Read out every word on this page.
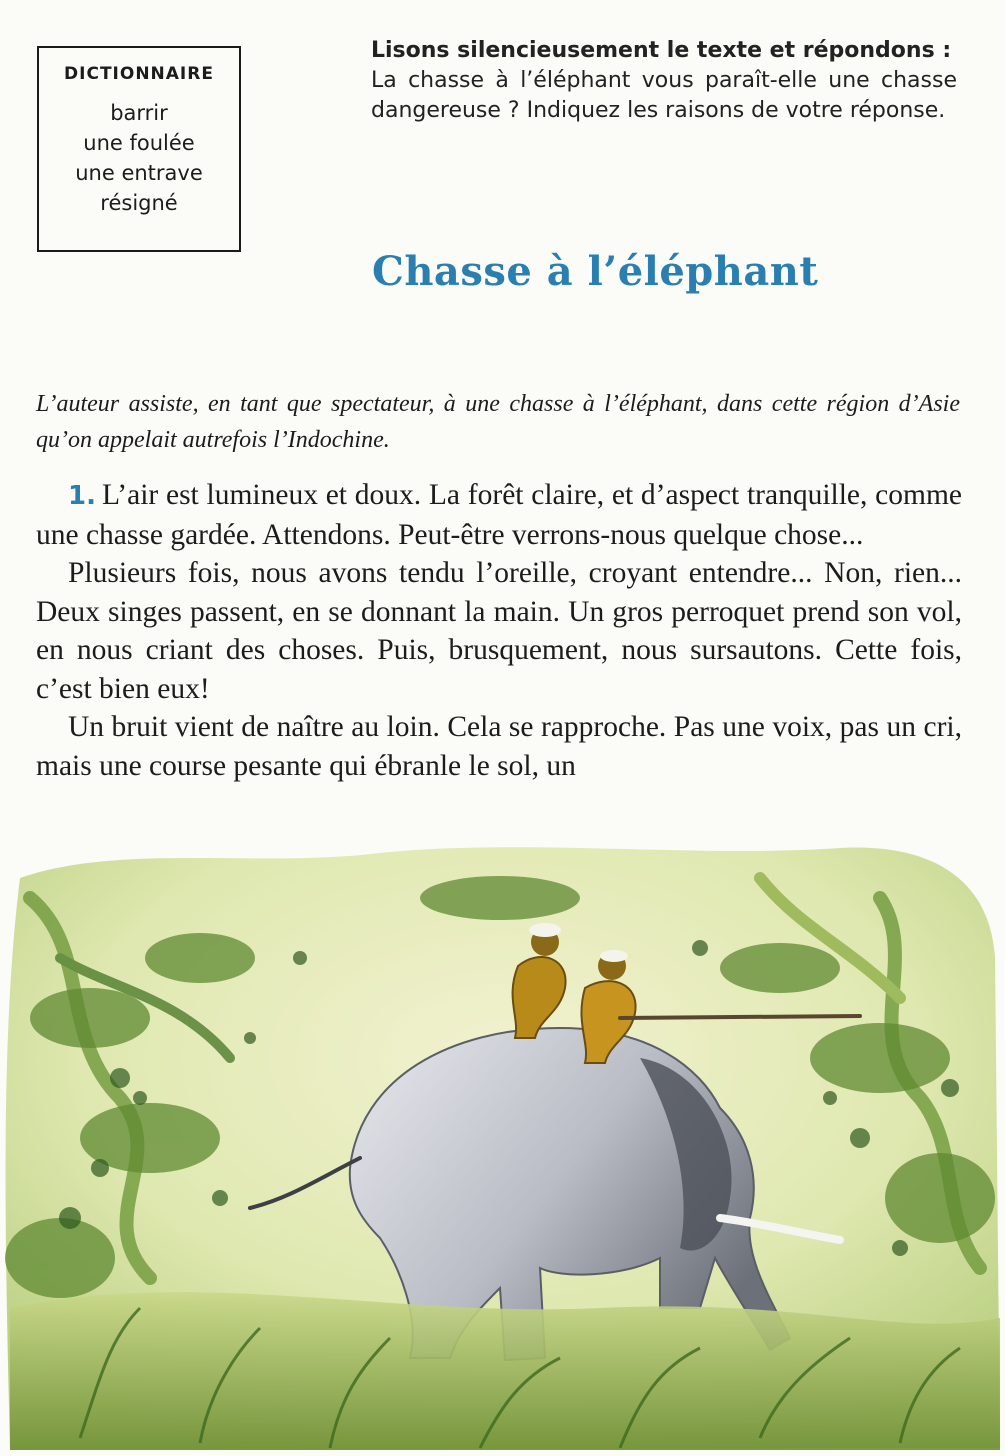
DICTIONNAIRE
barrir
une foulée
une entrave
résigné
Lisons silencieusement le texte et répondons :
La chasse à l’éléphant vous paraît-elle une chasse dangereuse ? Indiquez les raisons de votre réponse.
Chasse à l’éléphant
L’auteur assiste, en tant que spectateur, à une chasse à l’éléphant, dans cette région d’Asie qu’on appelait autrefois l’Indochine.

1. L’air est lumineux et doux. La forêt claire, et d’aspect tranquille, comme une chasse gardée. Attendons. Peut-être verrons-nous quelque chose...

Plusieurs fois, nous avons tendu l’oreille, croyant entendre... Non, rien... Deux singes passent, en se donnant la main. Un gros perroquet prend son vol, en nous criant des choses. Puis, brusquement, nous sursautons. Cette fois, c’est bien eux!

Un bruit vient de naître au loin. Cela se rapproche. Pas une voix, pas un cri, mais une course pesante qui ébranle le sol, un
